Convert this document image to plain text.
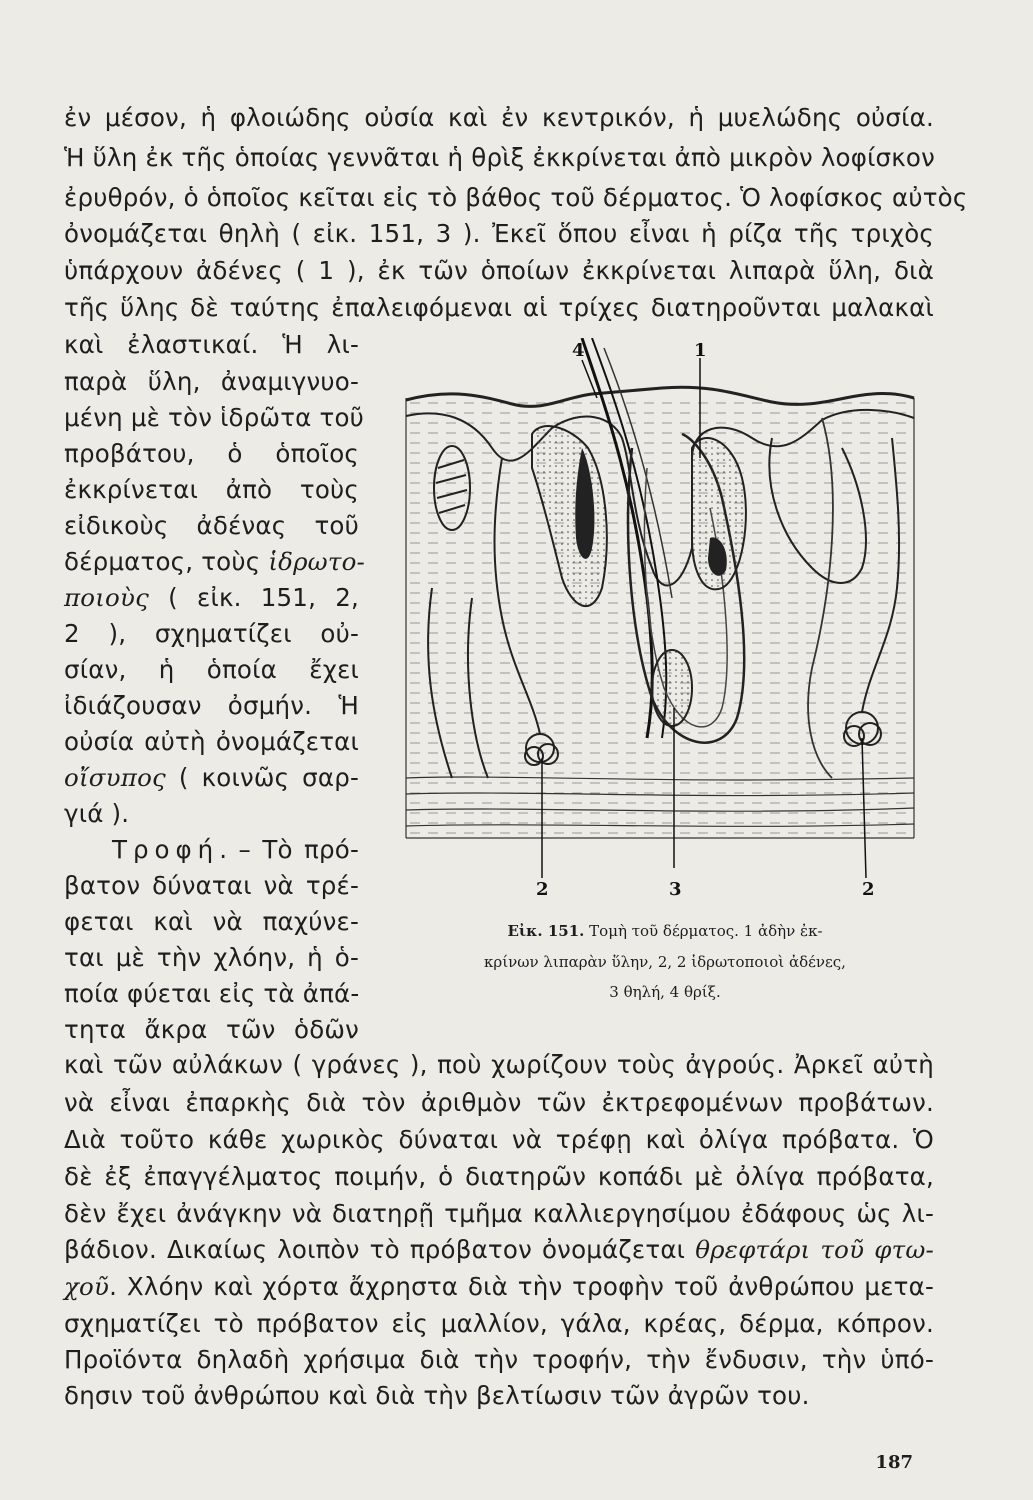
ἐν μέσον, ἡ φλοιώδης οὐσία καὶ ἐν κεντρικόν, ἡ μυελώδης οὐσία.
Ἡ ὕλη ἐκ τῆς ὁποίας γεννᾶται ἡ θρὶξ ἐκκρίνεται ἀπὸ μικρὸν λοφίσκον
ἐρυθρόν, ὁ ὁποῖος κεῖται εἰς τὸ βάθος τοῦ δέρματος. Ὁ λοφίσκος αὐτὸς
ὀνομάζεται θηλὴ ( εἰκ. 151, 3 ). Ἐκεῖ ὅπου εἶναι ἡ ρίζα τῆς τριχὸς
ὑπάρχουν ἀδένες ( 1 ), ἐκ τῶν ὁποίων ἐκκρίνεται λιπαρὰ ὕλη, διὰ
τῆς ὕλης δὲ ταύτης ἐπαλειφόμεναι αἱ τρίχες διατηροῦνται μαλακαὶ
καὶ ἐλαστικαί. Ἡ λι-
παρὰ ὕλη, ἀναμιγνυο-
μένη μὲ τὸν ἱδρῶτα τοῦ
προβάτου, ὁ ὁποῖος
ἐκκρίνεται ἀπὸ τοὺς
εἰδικοὺς ἀδένας τοῦ
δέρματος, τοὺς ἱδρωτο-
ποιοὺς ( εἰκ. 151, 2,
2 ), σχηματίζει οὐ-
σίαν, ἡ ὁποία ἔχει
ἰδιάζουσαν ὀσμήν. Ἡ
οὐσία αὐτὴ ὀνομάζεται
οἴσυπος ( κοινῶς σαρ-
γιά ).
Τροφή. – Τὸ πρό-
βατον δύναται νὰ τρέ-
φεται καὶ νὰ παχύνε-
ται μὲ τὴν χλόην, ἡ ὁ-
ποία φύεται εἰς τὰ ἀπά-
τητα ἄκρα τῶν ὁδῶν
4	1
2	3	2
Εἰκ. 151. Τομὴ τοῦ δέρματος. 1 ἀδὴν ἐκ-
κρίνων λιπαρὰν ὕλην, 2, 2 ἱδρωτοποιοὶ ἀδένες,
3 θηλή, 4 θρίξ.
καὶ τῶν αὐλάκων ( γράνες ), ποὺ χωρίζουν τοὺς ἀγρούς. Ἀρκεῖ αὐτὴ
νὰ εἶναι ἐπαρκὴς διὰ τὸν ἀριθμὸν τῶν ἐκτρεφομένων προβάτων.
Διὰ τοῦτο κάθε χωρικὸς δύναται νὰ τρέφῃ καὶ ὀλίγα πρόβατα. Ὁ
δὲ ἐξ ἐπαγγέλματος ποιμήν, ὁ διατηρῶν κοπάδι μὲ ὀλίγα πρόβατα,
δὲν ἔχει ἀνάγκην νὰ διατηρῇ τμῆμα καλλιεργησίμου ἐδάφους ὡς λι-
βάδιον. Δικαίως λοιπὸν τὸ πρόβατον ὀνομάζεται θρεφτάρι τοῦ φτω-
χοῦ. Χλόην καὶ χόρτα ἄχρηστα διὰ τὴν τροφὴν τοῦ ἀνθρώπου μετα-
σχηματίζει τὸ πρόβατον εἰς μαλλίον, γάλα, κρέας, δέρμα, κόπρον.
Προϊόντα δηλαδὴ χρήσιμα διὰ τὴν τροφήν, τὴν ἔνδυσιν, τὴν ὑπό-
δησιν τοῦ ἀνθρώπου καὶ διὰ τὴν βελτίωσιν τῶν ἀγρῶν του.
187
